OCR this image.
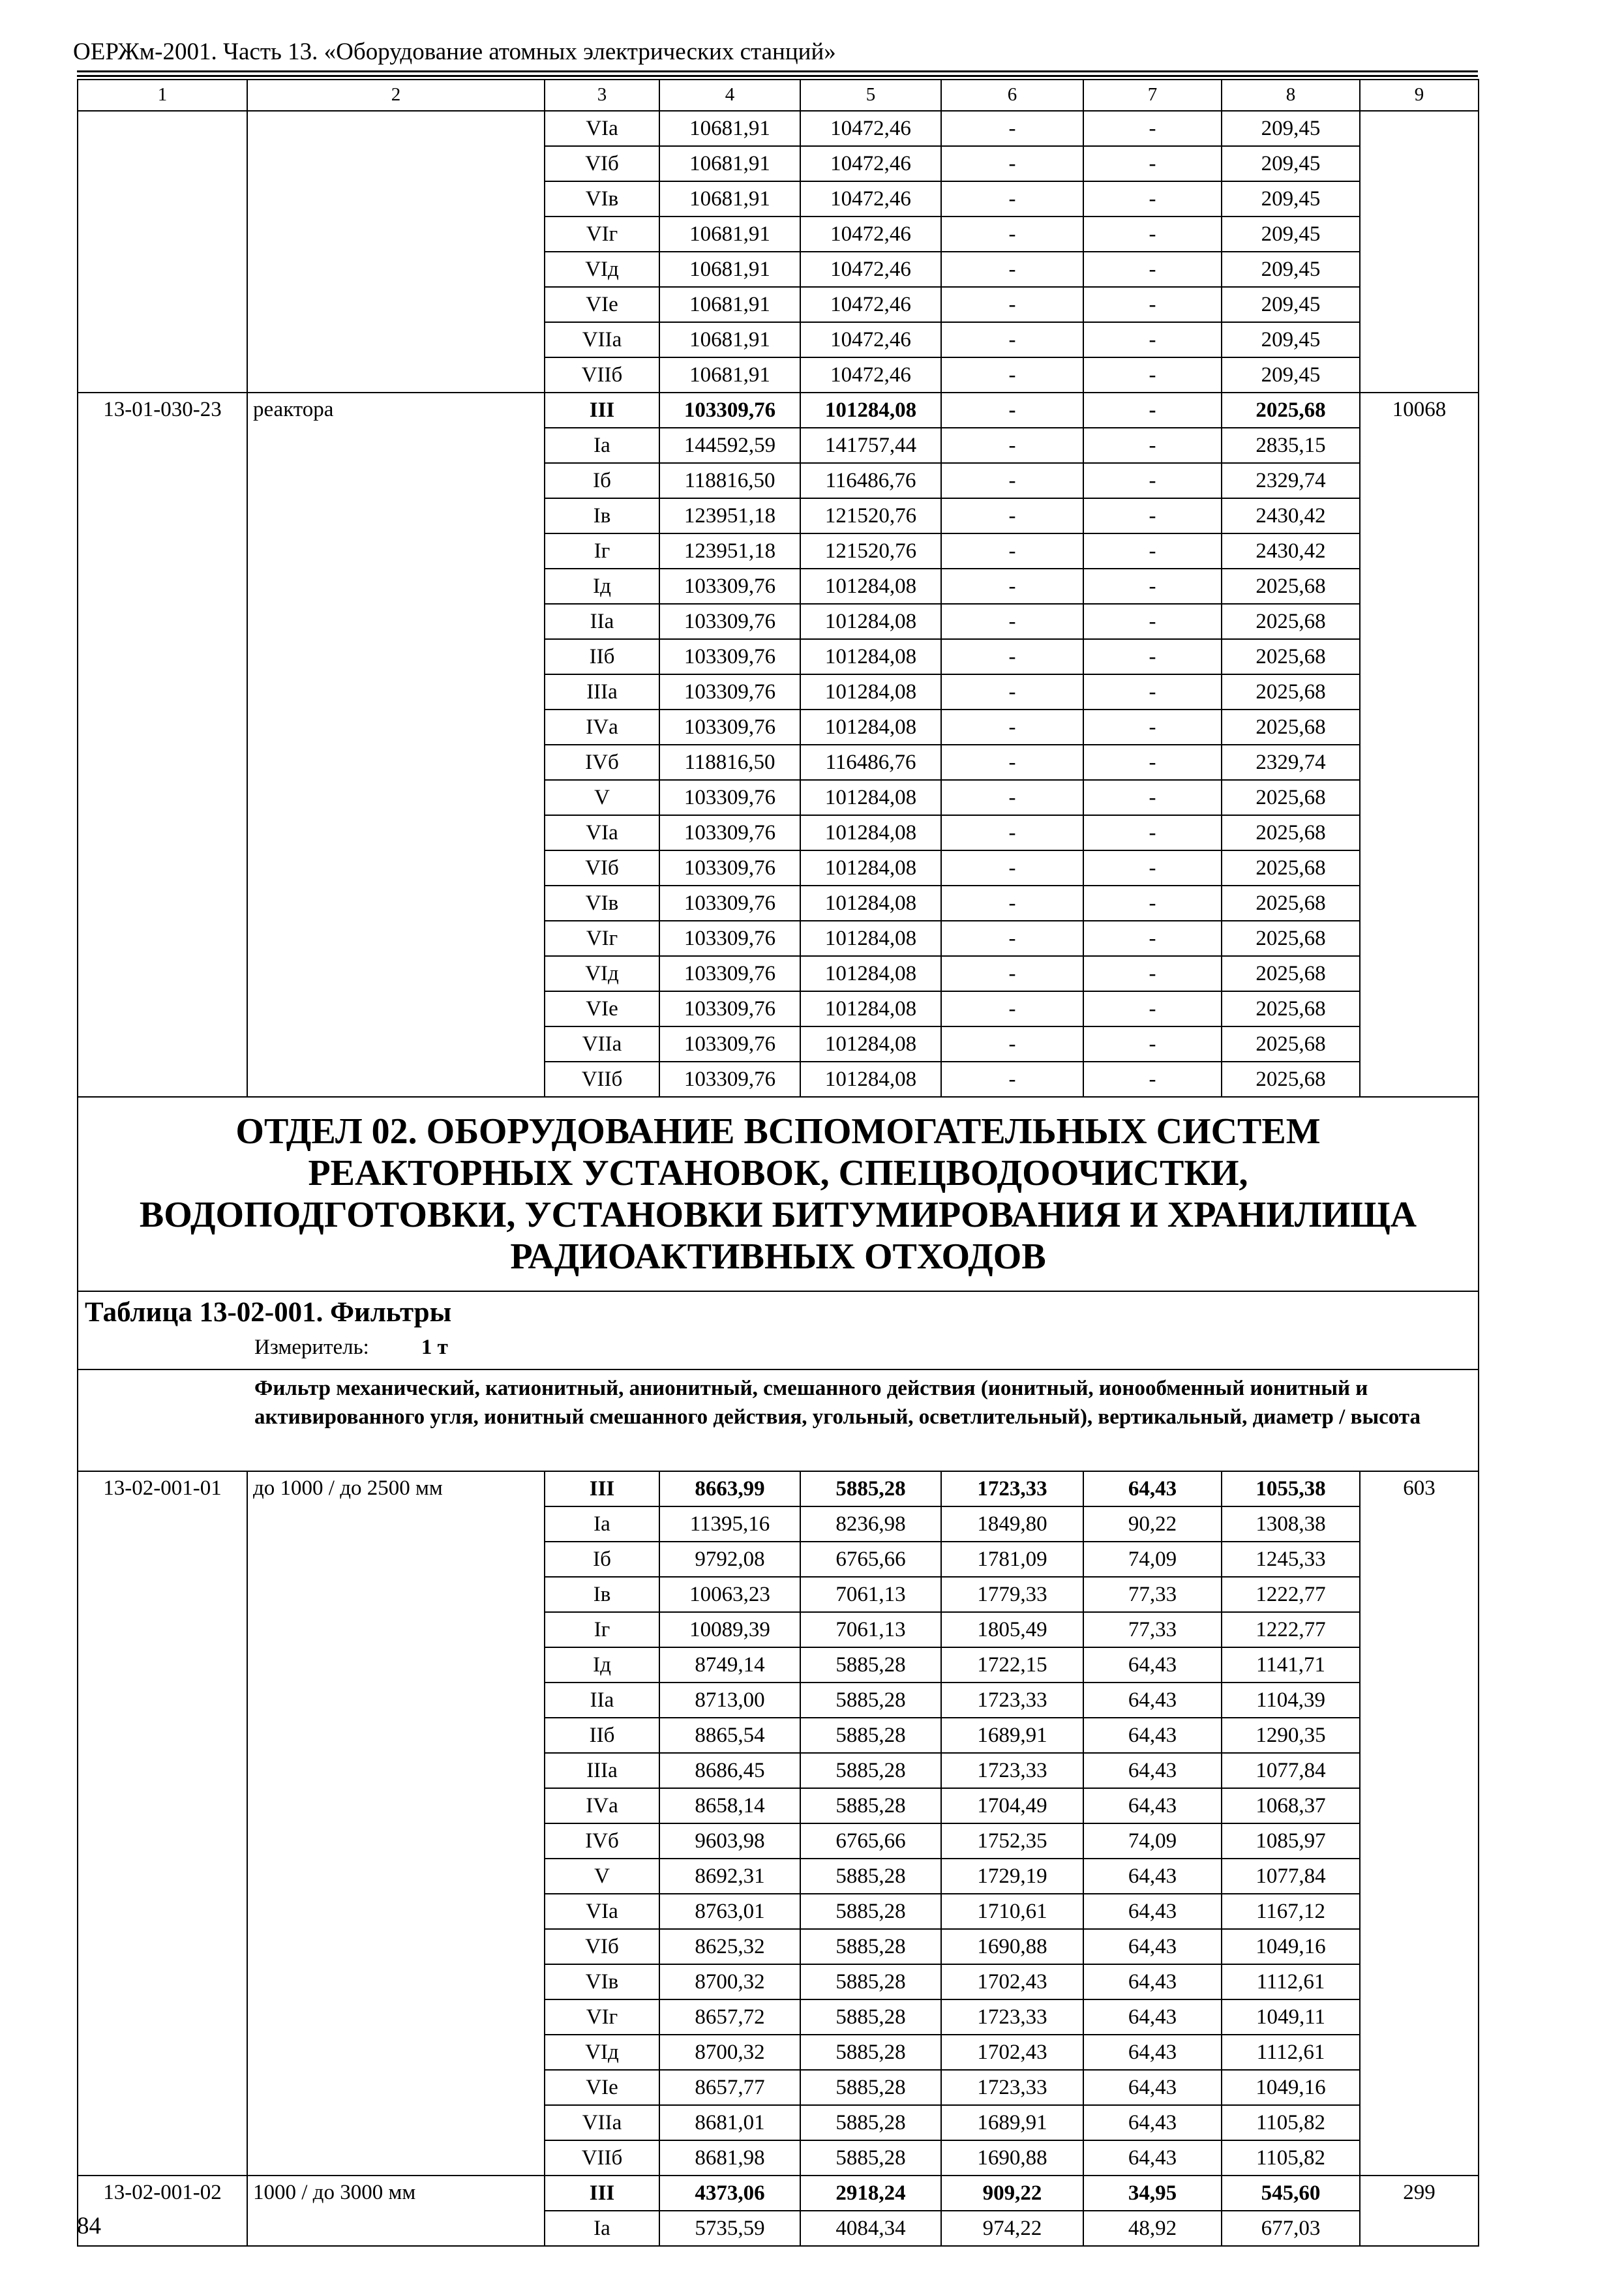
ОЕРЖм-2001. Часть 13. «Оборудование атомных электрических станций»
1	2	3	4	5	6	7	8	9
		VIа	10681,91	10472,46	-	-	209,45	
		VIб	10681,91	10472,46	-	-	209,45	
		VIв	10681,91	10472,46	-	-	209,45	
		VIг	10681,91	10472,46	-	-	209,45	
		VIд	10681,91	10472,46	-	-	209,45	
		VIе	10681,91	10472,46	-	-	209,45	
		VIIа	10681,91	10472,46	-	-	209,45	
		VIIб	10681,91	10472,46	-	-	209,45	
13-01-030-23	реактора	III	103309,76	101284,08	-	-	2025,68	10068
		Iа	144592,59	141757,44	-	-	2835,15	
		Iб	118816,50	116486,76	-	-	2329,74	
		Iв	123951,18	121520,76	-	-	2430,42	
		Iг	123951,18	121520,76	-	-	2430,42	
		Iд	103309,76	101284,08	-	-	2025,68	
		IIа	103309,76	101284,08	-	-	2025,68	
		IIб	103309,76	101284,08	-	-	2025,68	
		IIIа	103309,76	101284,08	-	-	2025,68	
		IVа	103309,76	101284,08	-	-	2025,68	
		IVб	118816,50	116486,76	-	-	2329,74	
		V	103309,76	101284,08	-	-	2025,68	
		VIа	103309,76	101284,08	-	-	2025,68	
		VIб	103309,76	101284,08	-	-	2025,68	
		VIв	103309,76	101284,08	-	-	2025,68	
		VIг	103309,76	101284,08	-	-	2025,68	
		VIд	103309,76	101284,08	-	-	2025,68	
		VIе	103309,76	101284,08	-	-	2025,68	
		VIIа	103309,76	101284,08	-	-	2025,68	
		VIIб	103309,76	101284,08	-	-	2025,68	

ОТДЕЛ 02. ОБОРУДОВАНИЕ ВСПОМОГАТЕЛЬНЫХ СИСТЕМ
РЕАКТОРНЫХ УСТАНОВОК, СПЕЦВОДООЧИСТКИ,
ВОДОПОДГОТОВКИ, УСТАНОВКИ БИТУМИРОВАНИЯ И ХРАНИЛИЩА
РАДИОАКТИВНЫХ ОТХОДОВ								

Таблица 13-02-001. Фильтры
Измеритель: 1 т								

Фильтр механический, катионитный, анионитный, смешанного действия (ионитный, ионообменный ионитный и активированного угля, ионитный смешанного действия, угольный, осветлительный), вертикальный, диаметр / высота								
13-02-001-01	до 1000 / до 2500 мм	III	8663,99	5885,28	1723,33	64,43	1055,38	603
		Iа	11395,16	8236,98	1849,80	90,22	1308,38	
		Iб	9792,08	6765,66	1781,09	74,09	1245,33	
		Iв	10063,23	7061,13	1779,33	77,33	1222,77	
		Iг	10089,39	7061,13	1805,49	77,33	1222,77	
		Iд	8749,14	5885,28	1722,15	64,43	1141,71	
		IIа	8713,00	5885,28	1723,33	64,43	1104,39	
		IIб	8865,54	5885,28	1689,91	64,43	1290,35	
		IIIа	8686,45	5885,28	1723,33	64,43	1077,84	
		IVа	8658,14	5885,28	1704,49	64,43	1068,37	
		IVб	9603,98	6765,66	1752,35	74,09	1085,97	
		V	8692,31	5885,28	1729,19	64,43	1077,84	
		VIа	8763,01	5885,28	1710,61	64,43	1167,12	
		VIб	8625,32	5885,28	1690,88	64,43	1049,16	
		VIв	8700,32	5885,28	1702,43	64,43	1112,61	
		VIг	8657,72	5885,28	1723,33	64,43	1049,11	
		VIд	8700,32	5885,28	1702,43	64,43	1112,61	
		VIе	8657,77	5885,28	1723,33	64,43	1049,16	
		VIIа	8681,01	5885,28	1689,91	64,43	1105,82	
		VIIб	8681,98	5885,28	1690,88	64,43	1105,82	
13-02-001-02	1000 / до 3000 мм	III	4373,06	2918,24	909,22	34,95	545,60	299
		Iа	5735,59	4084,34	974,22	48,92	677,03	
84
